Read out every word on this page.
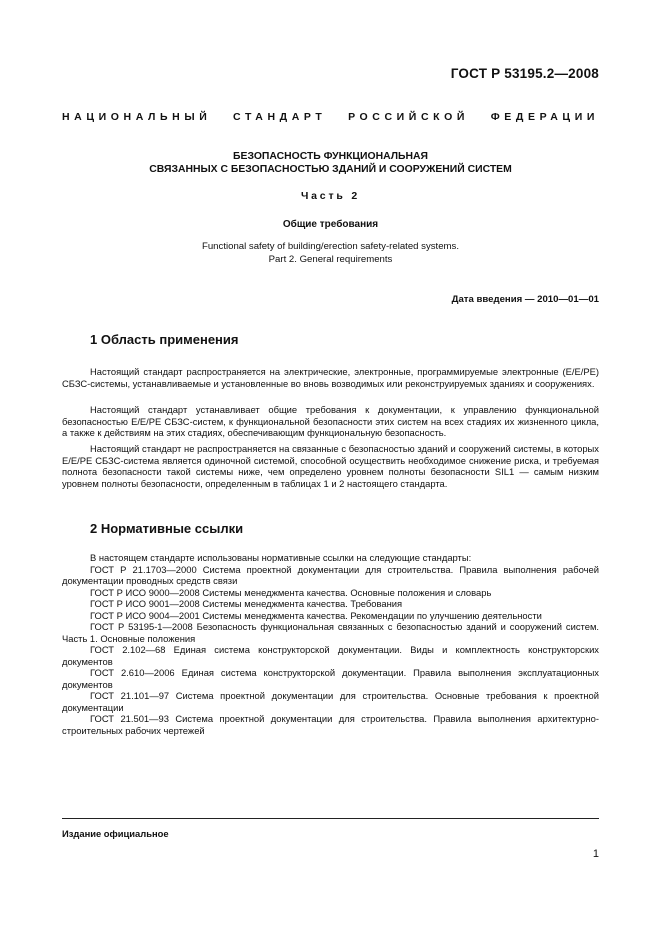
ГОСТ Р 53195.2—2008
НАЦИОНАЛЬНЫЙ СТАНДАРТ РОССИЙСКОЙ ФЕДЕРАЦИИ
БЕЗОПАСНОСТЬ ФУНКЦИОНАЛЬНАЯ
СВЯЗАННЫХ С БЕЗОПАСНОСТЬЮ ЗДАНИЙ И СООРУЖЕНИЙ СИСТЕМ
Часть 2
Общие требования
Functional safety of building/erection safety-related systems.
Part 2. General requirements
Дата введения — 2010—01—01
1 Область применения

Настоящий стандарт распространяется на электрические, электронные, программируемые электронные (Е/Е/РЕ) СБЗС-системы, устанавливаемые и установленные во вновь возводимых или реконструируемых зданиях и сооружениях.

Настоящий стандарт устанавливает общие требования к документации, к управлению функциональной безопасностью Е/Е/РЕ СБЗС-систем, к функциональной безопасности этих систем на всех стадиях их жизненного цикла, а также к действиям на этих стадиях, обеспечивающим функциональную безопасность.

Настоящий стандарт не распространяется на связанные с безопасностью зданий и сооружений системы, в которых Е/Е/РЕ СБЗС-система является одиночной системой, способной осуществить необходимое снижение риска, и требуемая полнота безопасности такой системы ниже, чем определено уровнем полноты безопасности SIL1 — самым низким уровнем полноты безопасности, определенным в таблицах 1 и 2 настоящего стандарта.

2 Нормативные ссылки
В настоящем стандарте использованы нормативные ссылки на следующие стандарты:
ГОСТ Р 21.1703—2000 Система проектной документации для строительства. Правила выполнения рабочей документации проводных средств связи
ГОСТ Р ИСО 9000—2008 Системы менеджмента качества. Основные положения и словарь
ГОСТ Р ИСО 9001—2008 Системы менеджмента качества. Требования
ГОСТ Р ИСО 9004—2001 Системы менеджмента качества. Рекомендации по улучшению деятельности
ГОСТ Р 53195-1—2008 Безопасность функциональная связанных с безопасностью зданий и сооружений систем. Часть 1. Основные положения
ГОСТ 2.102—68 Единая система конструкторской документации. Виды и комплектность конструкторских документов
ГОСТ 2.610—2006 Единая система конструкторской документации. Правила выполнения эксплуатационных документов
ГОСТ 21.101—97 Система проектной документации для строительства. Основные требования к проектной документации
ГОСТ 21.501—93 Система проектной документации для строительства. Правила выполнения архитектурно-строительных рабочих чертежей
Издание официальное
1
